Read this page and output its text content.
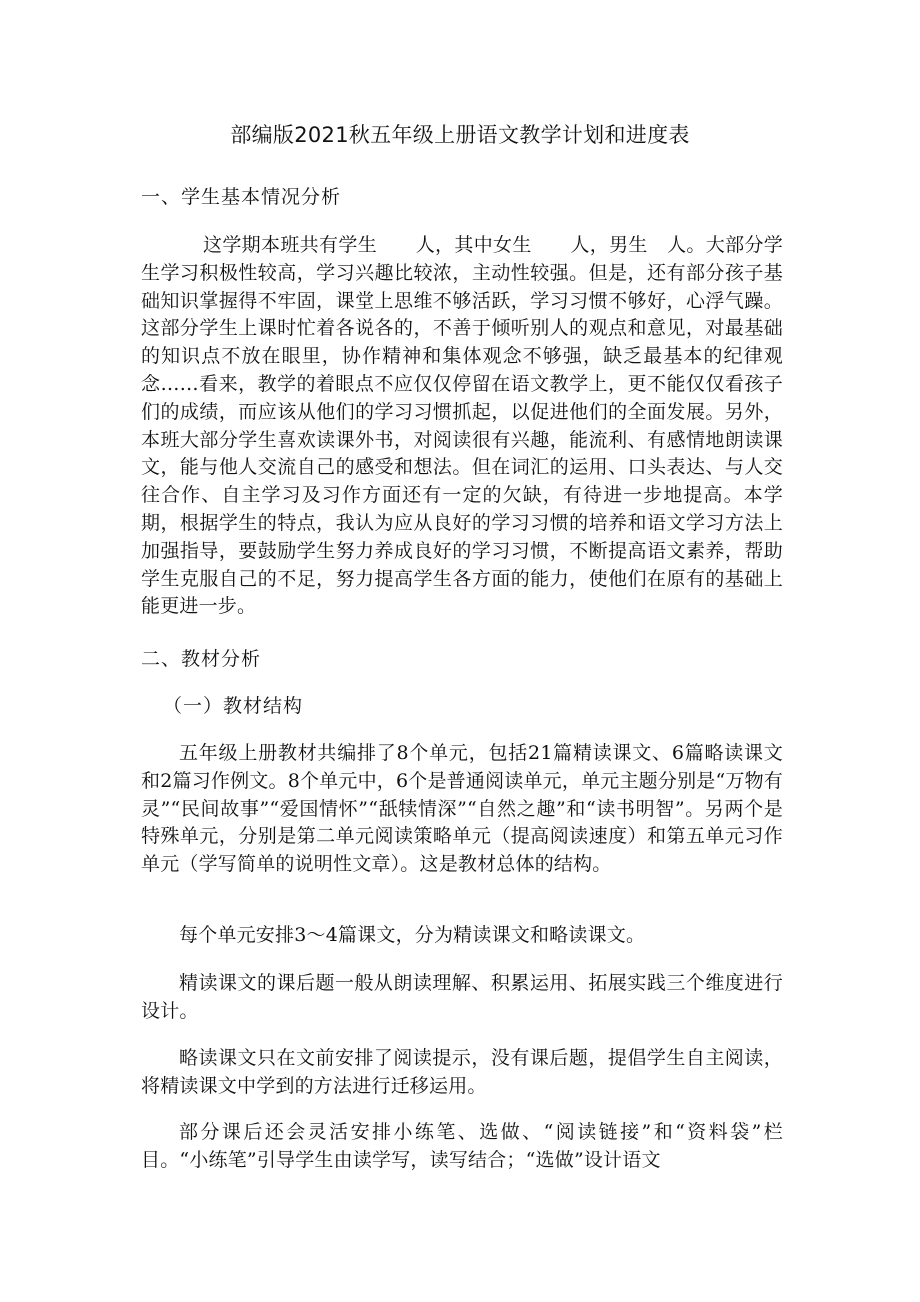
部编版2021秋五年级上册语文教学计划和进度表
一、学生基本情况分析

这学期本班共有学生　　人，其中女生　　人，男生　人。大部分学生学习积极性较高，学习兴趣比较浓，主动性较强。但是，还有部分孩子基础知识掌握得不牢固，课堂上思维不够活跃，学习习惯不够好，心浮气躁。这部分学生上课时忙着各说各的，不善于倾听别人的观点和意见，对最基础的知识点不放在眼里，协作精神和集体观念不够强，缺乏最基本的纪律观念……看来，教学的着眼点不应仅仅停留在语文教学上，更不能仅仅看孩子们的成绩，而应该从他们的学习习惯抓起，以促进他们的全面发展。另外，本班大部分学生喜欢读课外书，对阅读很有兴趣，能流利、有感情地朗读课文，能与他人交流自己的感受和想法。但在词汇的运用、口头表达、与人交往合作、自主学习及习作方面还有一定的欠缺，有待进一步地提高。本学期，根据学生的特点，我认为应从良好的学习习惯的培养和语文学习方法上加强指导，要鼓励学生努力养成良好的学习习惯，不断提高语文素养，帮助学生克服自己的不足，努力提高学生各方面的能力，使他们在原有的基础上能更进一步。

二、教材分析
（一）教材结构

五年级上册教材共编排了8个单元，包括21篇精读课文、6篇略读课文和2篇习作例文。8个单元中，6个是普通阅读单元，单元主题分别是“万物有灵”“民间故事”“爱国情怀”“舐犊情深”“自然之趣”和“读书明智”。另两个是特殊单元，分别是第二单元阅读策略单元（提高阅读速度）和第五单元习作单元（学写简单的说明性文章）。这是教材总体的结构。

每个单元安排3～4篇课文，分为精读课文和略读课文。

精读课文的课后题一般从朗读理解、积累运用、拓展实践三个维度进行设计。

略读课文只在文前安排了阅读提示，没有课后题，提倡学生自主阅读，将精读课文中学到的方法进行迁移运用。

部分课后还会灵活安排小练笔、选做、“阅读链接”和“资料袋”栏目。“小练笔”引导学生由读学写，读写结合；“选做”设计语文
